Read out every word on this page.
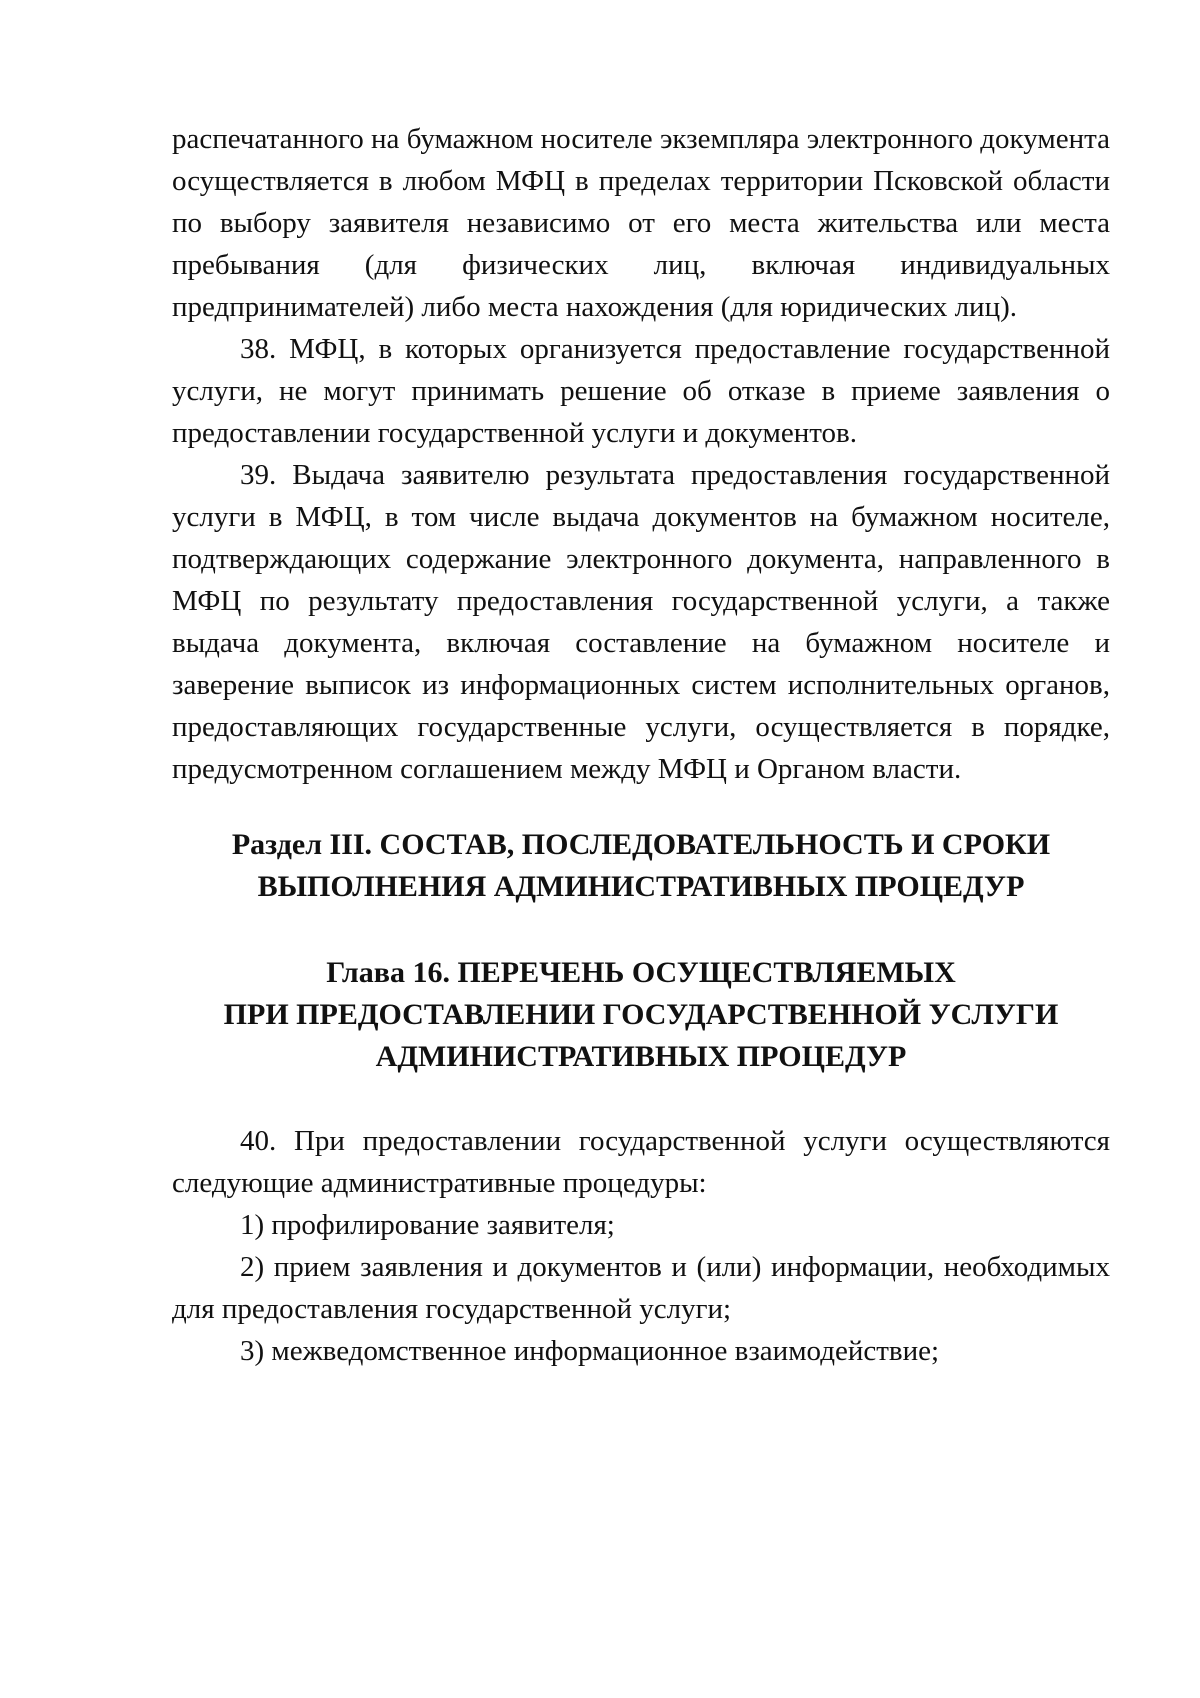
распечатанного на бумажном носителе экземпляра электронного документа осуществляется в любом МФЦ в пределах территории Псковской области по выбору заявителя независимо от его места жительства или места пребывания (для физических лиц, включая индивидуальных предпринимателей) либо места нахождения (для юридических лиц).

38. МФЦ, в которых организуется предоставление государственной услуги, не могут принимать решение об отказе в приеме заявления о предоставлении государственной услуги и документов.

39. Выдача заявителю результата предоставления государственной услуги в МФЦ, в том числе выдача документов на бумажном носителе, подтверждающих содержание электронного документа, направленного в МФЦ по результату предоставления государственной услуги, а также выдача документа, включая составление на бумажном носителе и заверение выписок из информационных систем исполнительных органов, предоставляющих государственные услуги, осуществляется в порядке, предусмотренном соглашением между МФЦ и Органом власти.

Раздел III. СОСТАВ, ПОСЛЕДОВАТЕЛЬНОСТЬ И СРОКИ
ВЫПОЛНЕНИЯ АДМИНИСТРАТИВНЫХ ПРОЦЕДУР
Глава 16. ПЕРЕЧЕНЬ ОСУЩЕСТВЛЯЕМЫХ
ПРИ ПРЕДОСТАВЛЕНИИ ГОСУДАРСТВЕННОЙ УСЛУГИ
АДМИНИСТРАТИВНЫХ ПРОЦЕДУР

40. При предоставлении государственной услуги осуществляются следующие административные процедуры:

1) профилирование заявителя;

2) прием заявления и документов и (или) информации, необходимых для предоставления государственной услуги;

3) межведомственное информационное взаимодействие;
